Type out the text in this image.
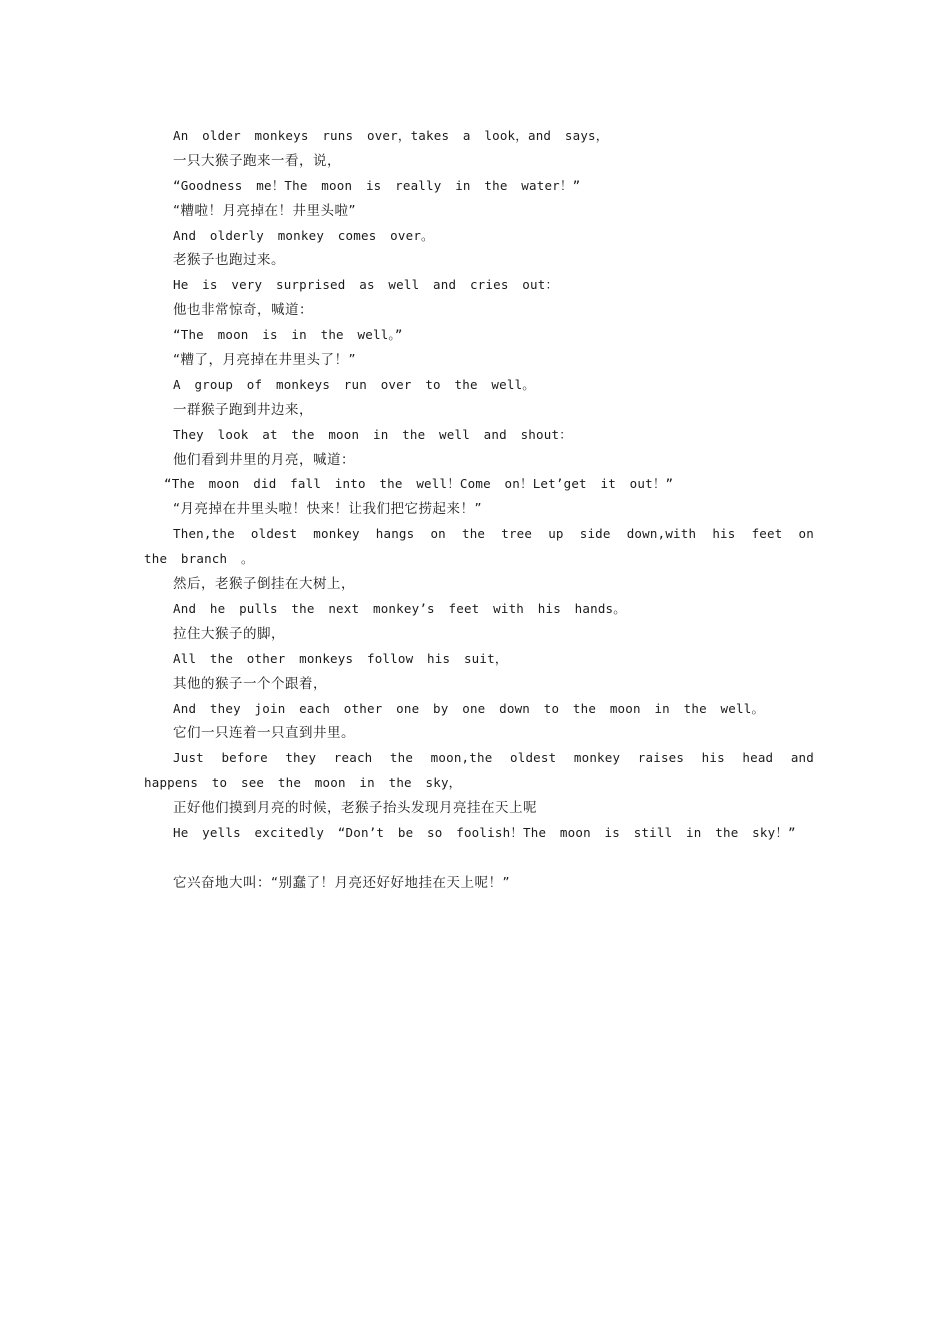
An older monkeys runs over，takes a look，and says，
一只大猴子跑来一看，说，
“Goodness me！The moon is really in the water！”
“糟啦！月亮掉在！井里头啦”
And olderly monkey comes over。
老猴子也跑过来。
He is very surprised as well and cries out：
他也非常惊奇，喊道：
“The moon is in the well。”
“糟了，月亮掉在井里头了！”
A group of monkeys run over to the well。
一群猴子跑到井边来，
They look at the moon in the well and shout：
他们看到井里的月亮，喊道：
“The moon did fall into the well！Come on！Let’get it out！”
“月亮掉在井里头啦！快来！让我们把它捞起来！”
Then,the oldest monkey hangs on the tree up side down,with his feet on the branch 。
然后，老猴子倒挂在大树上，
And he pulls the next monkey’s feet with his hands。
拉住大猴子的脚，
All the other monkeys follow his suit，
其他的猴子一个个跟着，
And they join each other one by one down to the moon in the well。
它们一只连着一只直到井里。
Just before they reach the moon,the oldest monkey raises his head and happens to see the moon in the sky，
正好他们摸到月亮的时候，老猴子抬头发现月亮挂在天上呢
He yells excitedly “Don’t be so foolish！The moon is still in the sky！”
它兴奋地大叫：“别蠢了！月亮还好好地挂在天上呢！”
